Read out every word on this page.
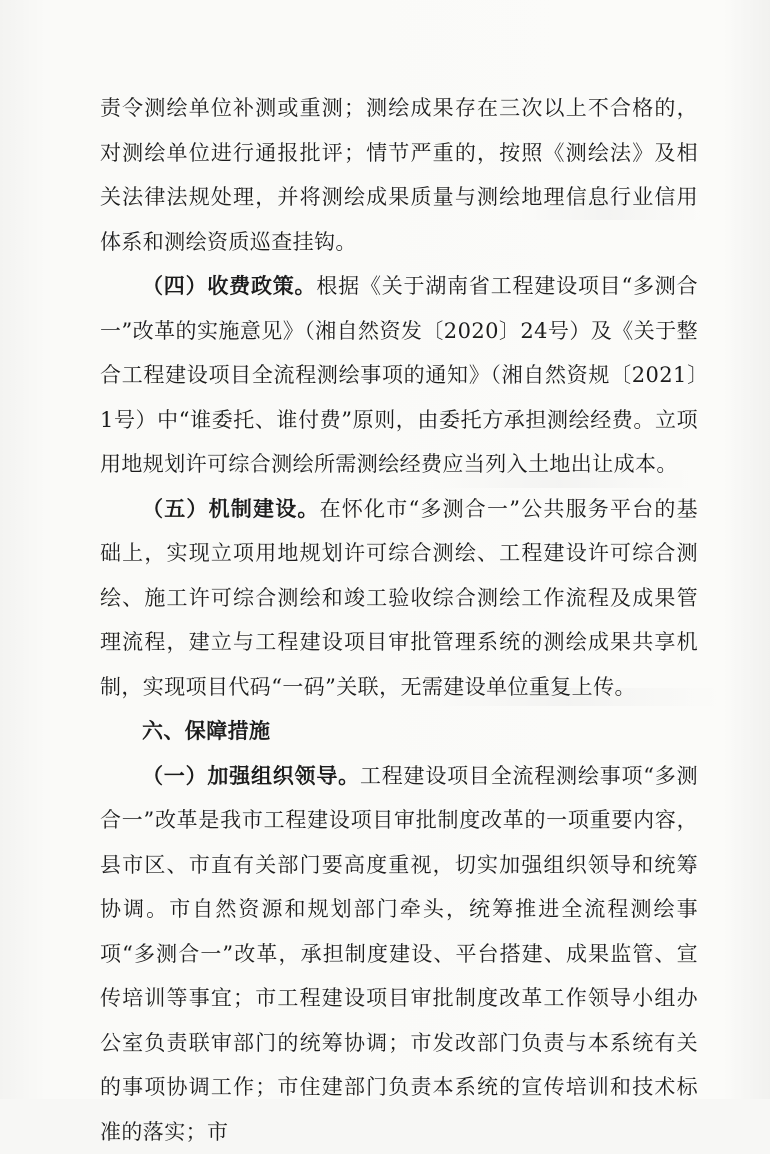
责令测绘单位补测或重测；测绘成果存在三次以上不合格的，对测绘单位进行通报批评；情节严重的，按照《测绘法》及相关法律法规处理，并将测绘成果质量与测绘地理信息行业信用体系和测绘资质巡查挂钩。

（四）收费政策。根据《关于湖南省工程建设项目“多测合一”改革的实施意见》（湘自然资发〔2020〕24号）及《关于整合工程建设项目全流程测绘事项的通知》（湘自然资规〔2021〕1号）中“谁委托、谁付费”原则，由委托方承担测绘经费。立项用地规划许可综合测绘所需测绘经费应当列入土地出让成本。

（五）机制建设。在怀化市“多测合一”公共服务平台的基础上，实现立项用地规划许可综合测绘、工程建设许可综合测绘、施工许可综合测绘和竣工验收综合测绘工作流程及成果管理流程，建立与工程建设项目审批管理系统的测绘成果共享机制，实现项目代码“一码”关联，无需建设单位重复上传。

六、保障措施

（一）加强组织领导。工程建设项目全流程测绘事项“多测合一”改革是我市工程建设项目审批制度改革的一项重要内容，县市区、市直有关部门要高度重视，切实加强组织领导和统筹协调。市自然资源和规划部门牵头，统筹推进全流程测绘事项“多测合一”改革，承担制度建设、平台搭建、成果监管、宣传培训等事宜；市工程建设项目审批制度改革工作领导小组办公室负责联审部门的统筹协调；市发改部门负责与本系统有关的事项协调工作；市住建部门负责本系统的宣传培训和技术标准的落实；市
